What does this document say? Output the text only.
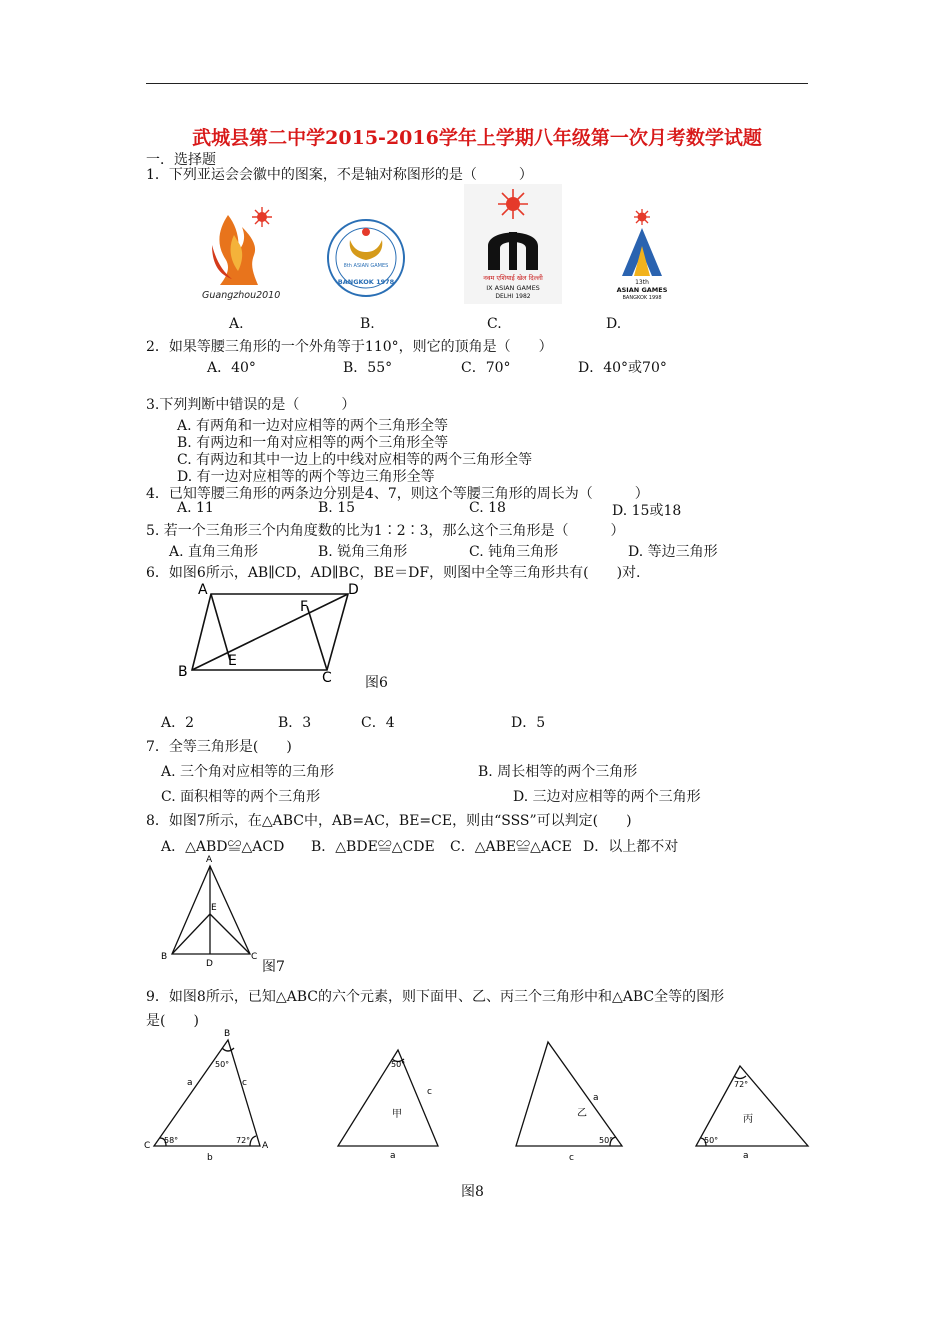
武城县第二中学2015-2016学年上学期八年级第一次月考数学试题
一．选择题
1．下列亚运会会徽中的图案，不是轴对称图形的是（　　　）
Guangzhou2010
8th ASIAN GAMES
BANGKOK 1978	नवम एशियाई खेल दिल्ली
IX ASIAN GAMES
DELHI 1982
13th
ASIAN GAMES
BANGKOK 1998
A.	B.	C.	D.
2．如果等腰三角形的一个外角等于110°，则它的顶角是（　　）
A．40°	B．55°	C．70°	D．40°或70°
3.下列判断中错误的是（　　　）
A. 有两角和一边对应相等的两个三角形全等
B. 有两边和一角对应相等的两个三角形全等
C. 有两边和其中一边上的中线对应相等的两个三角形全等
D. 有一边对应相等的两个等边三角形全等
4．已知等腰三角形的两条边分别是4、7，则这个等腰三角形的周长为（　　　）
A. 11	B. 15	C. 18	D. 15或18
5. 若一个三角形三个内角度数的比为1∶2∶3，那么这个三角形是（　　　）
A. 直角三角形	B. 锐角三角形	C. 钝角三角形	D. 等边三角形
6．如图6所示，AB∥CD，AD∥BC，BE＝DF，则图中全等三角形共有(　　)对.
A	D
B	C
E
F
图6
A．2	B．3	C．4	D．5
7．全等三角形是(　　)
A. 三个角对应相等的三角形	B. 周长相等的两个三角形
C. 面积相等的两个三角形	D. 三边对应相等的两个三角形
8．如图7所示，在△ABC中，AB=AC，BE=CE，则由“SSS”可以判定(　　)
A．△ABD≌△ACD B．△BDE≌△CDE C．△ABE≌△ACE D．以上都不对
A
B	C
D
E
图7
9．如图8所示，已知△ABC的六个元素，则下面甲、乙、丙三个三角形中和△ABC全等的图形
是(　　)
B
C	A
a	c
b
50°
58°	72°
50°
c
a
甲
a
c
50°
乙
72°
50°
a
丙
图8
